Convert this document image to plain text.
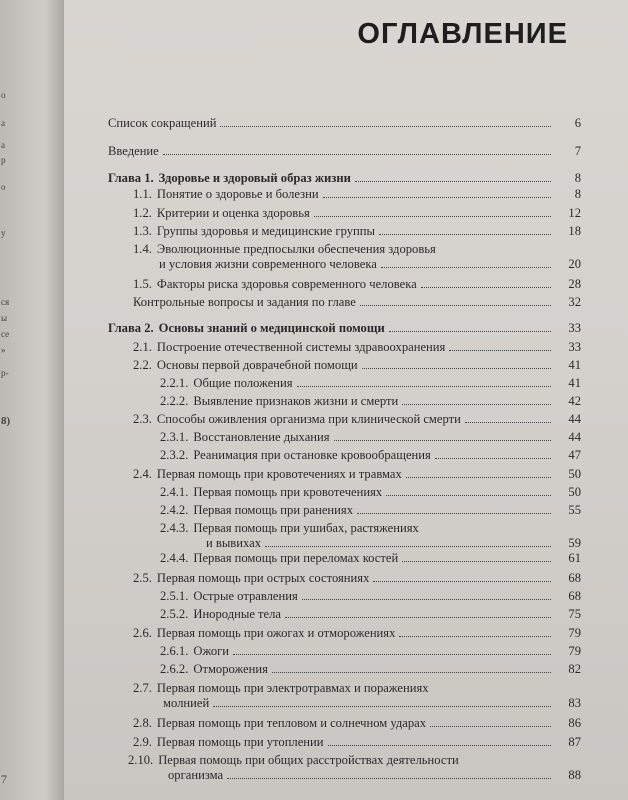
о
а
а
р
о
у
ся
ы
се
»
р-
8)
7
ОГЛАВЛЕНИЕ
Список сокращений	6
Введение	7
Глава 1. Здоровье и здоровый образ жизни	8
1.1. Понятие о здоровье и болезни	8
1.2. Критерии и оценка здоровья	12
1.3. Группы здоровья и медицинские группы	18
1.4. Эволюционные предпосылки обеспечения здоровья
и условия жизни современного человека	20
1.5. Факторы риска здоровья современного человека	28
Контрольные вопросы и задания по главе	32
Глава 2. Основы знаний о медицинской помощи	33
2.1. Построение отечественной системы здравоохранения	33
2.2. Основы первой доврачебной помощи	41
2.2.1. Общие положения	41
2.2.2. Выявление признаков жизни и смерти	42
2.3. Способы оживления организма при клинической смерти	44
2.3.1. Восстановление дыхания	44
2.3.2. Реанимация при остановке кровообращения	47
2.4. Первая помощь при кровотечениях и травмах	50
2.4.1. Первая помощь при кровотечениях	50
2.4.2. Первая помощь при ранениях	55
2.4.3. Первая помощь при ушибах, растяжениях
и вывихах	59
2.4.4. Первая помощь при переломах костей	61
2.5. Первая помощь при острых состояниях	68
2.5.1. Острые отравления	68
2.5.2. Инородные тела	75
2.6. Первая помощь при ожогах и отморожениях	79
2.6.1. Ожоги	79
2.6.2. Отморожения	82
2.7. Первая помощь при электротравмах и поражениях
молнией	83
2.8. Первая помощь при тепловом и солнечном ударах	86
2.9. Первая помощь при утоплении	87
2.10. Первая помощь при общих расстройствах деятельности
организма	88
